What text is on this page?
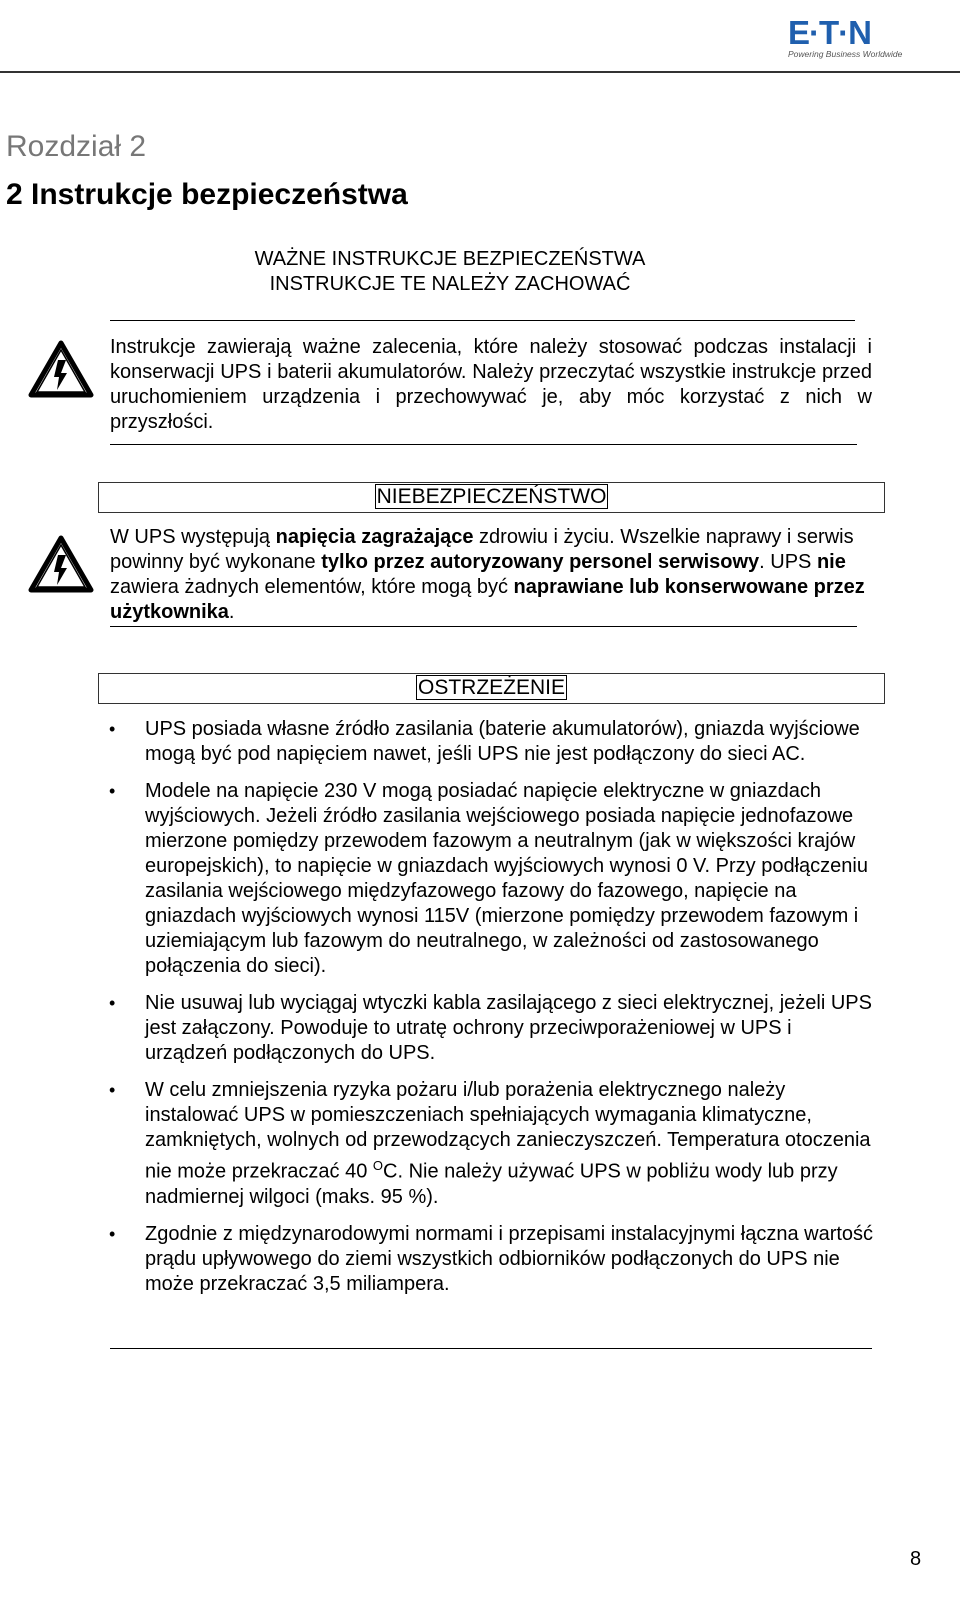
E·T·N
Powering Business Worldwide
Rozdział 2
2 Instrukcje bezpieczeństwa
WAŻNE INSTRUKCJE BEZPIECZEŃSTWA
INSTRUKCJE TE NALEŻY ZACHOWAĆ
Instrukcje zawierają ważne zalecenia, które należy stosować podczas instalacji i konserwacji UPS i baterii akumulatorów. Należy przeczytać wszystkie instrukcje przed uruchomieniem urządzenia i przechowywać je, aby móc korzystać z nich w przyszłości.
NIEBEZPIECZEŃSTWO
W UPS występują napięcia zagrażające zdrowiu i życiu. Wszelkie naprawy i serwis powinny być wykonane tylko przez autoryzowany personel serwisowy. UPS nie zawiera żadnych elementów, które mogą być naprawiane lub konserwowane przez użytkownika.
OSTRZEŻENIE
• UPS posiada własne źródło zasilania (baterie akumulatorów), gniazda wyjściowe mogą być pod napięciem nawet, jeśli UPS nie jest podłączony do sieci AC.
• Modele na napięcie 230 V mogą posiadać napięcie elektryczne w gniazdach wyjściowych. Jeżeli źródło zasilania wejściowego posiada napięcie jednofazowe mierzone pomiędzy przewodem fazowym a neutralnym (jak w większości krajów europejskich), to napięcie w gniazdach wyjściowych wynosi 0 V. Przy podłączeniu zasilania wejściowego międzyfazowego fazowy do fazowego, napięcie na gniazdach wyjściowych wynosi 115V (mierzone pomiędzy przewodem fazowym i uziemiającym lub fazowym do neutralnego, w zależności od zastosowanego połączenia do sieci).
• Nie usuwaj lub wyciągaj wtyczki kabla zasilającego z sieci elektrycznej, jeżeli UPS jest załączony. Powoduje to utratę ochrony przeciwporażeniowej w UPS i urządzeń podłączonych do UPS.
• W celu zmniejszenia ryzyka pożaru i/lub porażenia elektrycznego należy instalować UPS w pomieszczeniach spełniających wymagania klimatyczne, zamkniętych, wolnych od przewodzących zanieczyszczeń. Temperatura otoczenia nie może przekraczać 40 $^O$C. Nie należy używać UPS w pobliżu wody lub przy nadmiernej wilgoci (maks. 95 %).
• Zgodnie z międzynarodowymi normami i przepisami instalacyjnymi łączna wartość prądu upływowego do ziemi wszystkich odbiorników podłączonych do UPS nie może przekraczać 3,5 miliampera.
8
